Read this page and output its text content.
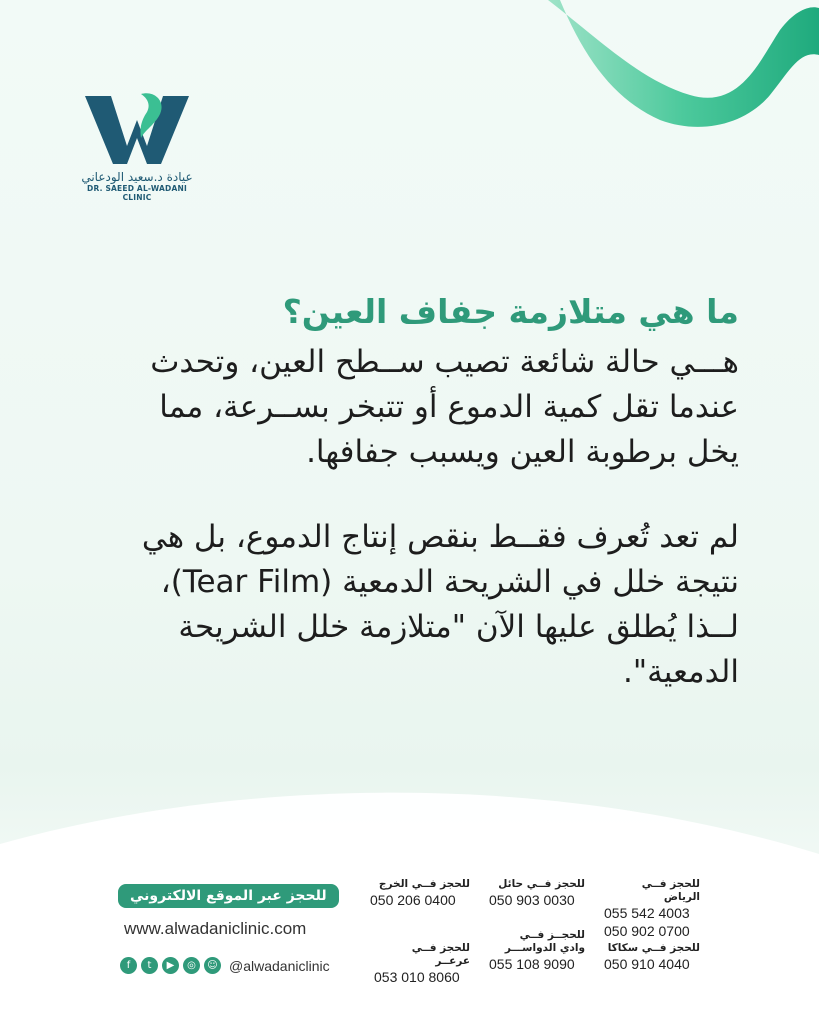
عيادة د.سعيد الودعاني
DR. SAEED AL-WADANI CLINIC
ما هي متلازمة جفاف العين؟

هـــي حالة شائعة تصيب ســطح العين، وتحدث عندما تقل كمية الدموع أو تتبخر بســرعة، مما يخل برطوبة العين ويسبب جفافها.

لم تعد تُعرف فقــط بنقص إنتاج الدموع، بل هي نتيجة خلل في الشريحة الدمعية (Tear Film)، لــذا يُطلق عليها الآن "متلازمة خلل الشريحة الدمعية".

للحجز عبر الموقع الالكتروني
www.alwadaniclinic.com
f	t	▶	◎	☺ @alwadaniclinic
للحجز فــي الرياض
055 542 4003
050 902 0700
للحجز فــي حائل
050 903 0030
للحجز فــي الخرج
050 206 0400
للحجز فــي سكاكا
050 910 4040
للحجــز فــي وادي الدواســـر
055 108 9090
للحجز فــي عرعــر
053 010 8060
